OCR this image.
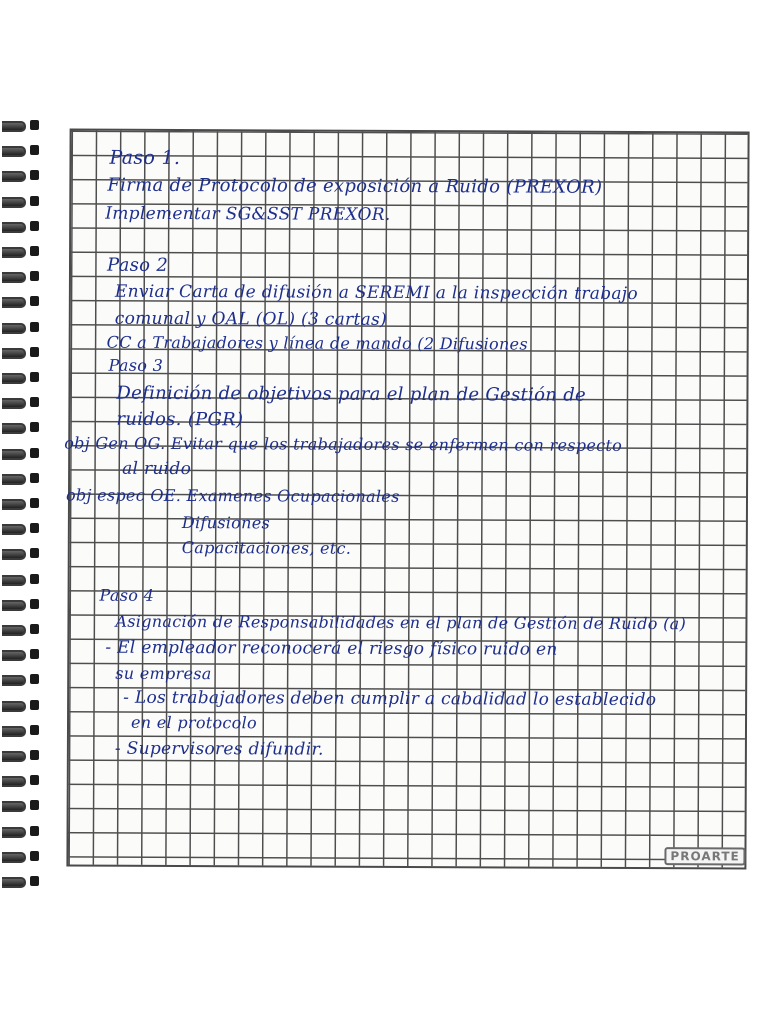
Paso 1.
Firma de Protocolo de exposición a Ruido (PREXOR)
Implementar SG&SST PREXOR.
Paso 2
Enviar Carta de difusión a SEREMI a la inspección trabajo
comunal y OAL (OL) (3 cartas)
CC a Trabajadores y línea de mando (2 Difusiones
Paso 3
Definición de objetivos para el plan de Gestión de
ruidos. (PGR)
obj Gen OG. Evitar que los trabajadores se enfermen con respecto
al ruido
obj espec OE. Examenes Ocupacionales
Difusiones
Capacitaciones, etc.
Paso 4
Asignación de Responsabilidades en el plan de Gestión de Ruido (a)
- El empleador reconocerá el riesgo físico ruido en
su empresa
- Los trabajadores deben cumplir a cabalidad lo establecido
en el protocolo
- Supervisores difundir.
PROARTE
